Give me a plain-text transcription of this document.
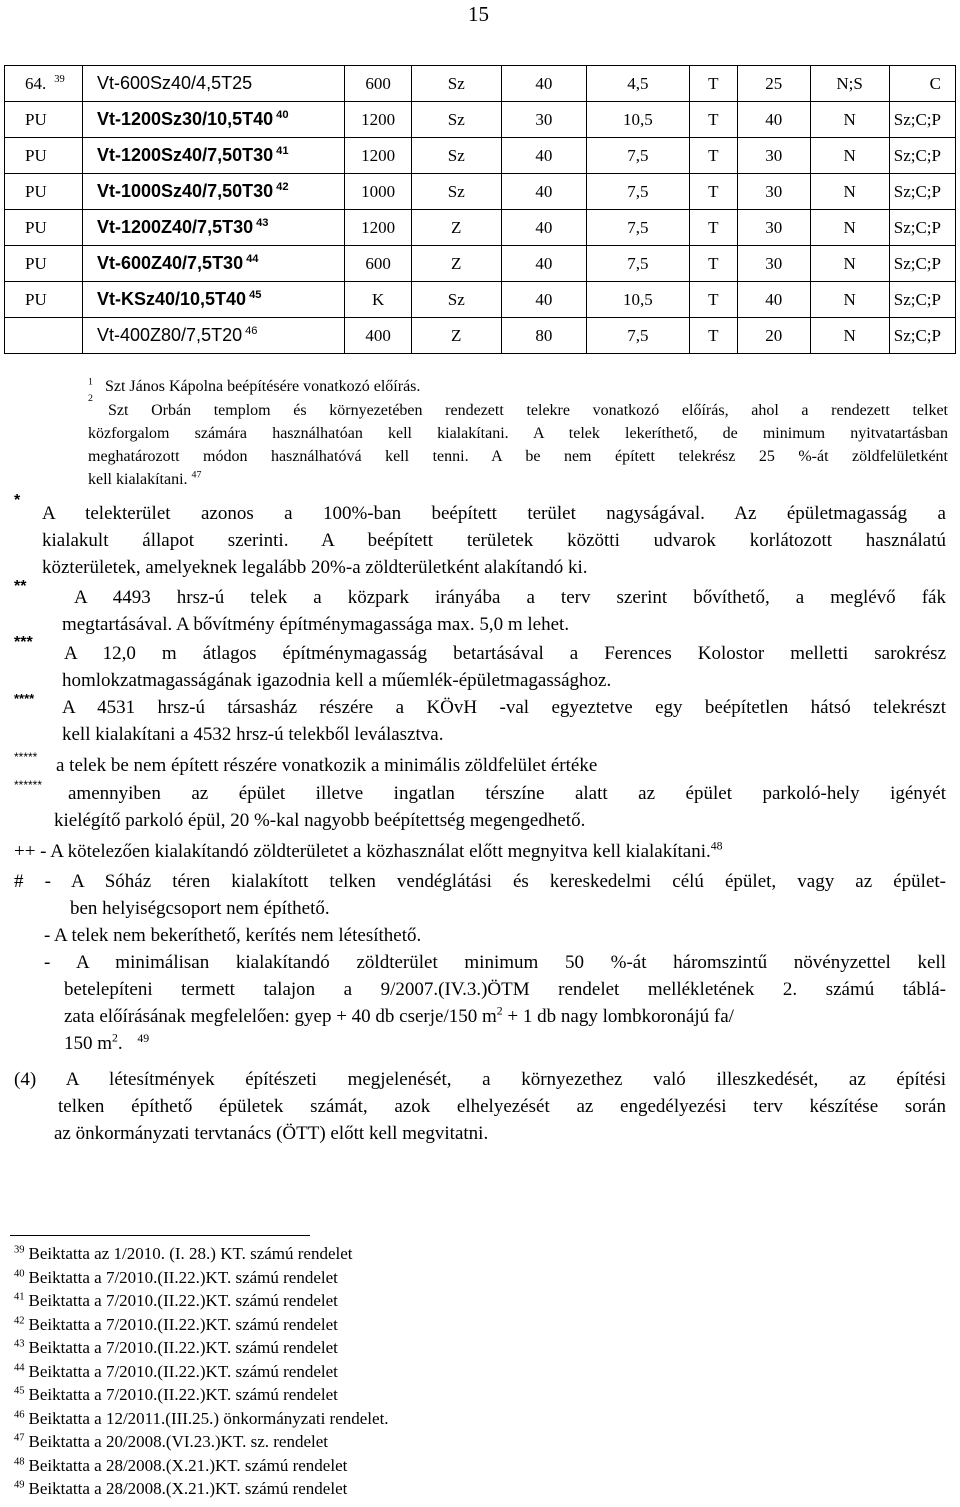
15
64. $^{39}$	Vt-600Sz40/4,5T25	600	Sz	40	4,5	T	25	N;S	C
PU	Vt-1200Sz30/10,5T40 $^{40}$	1200	Sz	30	10,5	T	40	N	Sz;C;P
PU	Vt-1200Sz40/7,50T30 $^{41}$	1200	Sz	40	7,5	T	30	N	Sz;C;P
PU	Vt-1000Sz40/7,50T30 $^{42}$	1000	Sz	40	7,5	T	30	N	Sz;C;P
PU	Vt-1200Z40/7,5T30 $^{43}$	1200	Z	40	7,5	T	30	N	Sz;C;P
PU	Vt-600Z40/7,5T30 $^{44}$	600	Z	40	7,5	T	30	N	Sz;C;P
PU	Vt-KSz40/10,5T40 $^{45}$	K	Sz	40	10,5	T	40	N	Sz;C;P
	Vt-400Z80/7,5T20 $^{46}$	400	Z	80	7,5	T	20	N	Sz;C;P
$^1$ Szt János Kápolna beépítésére vonatkozó előírás.
2
Szt Orbán templom és környezetében rendezett telekre vonatkozó előírás, ahol a rendezett telket
közforgalom számára használhatóan kell kialakítani. A telek lekeríthető, de minimum nyitvatartásban
meghatározott módon használhatóvá kell tenni. A be nem épített telekrész 25 %-át zöldfelületként
kell kialakítani. $^{47}$
*
A telekterület azonos a 100%-ban beépített terület nagyságával. Az épületmagasság a
kialakult állapot szerinti. A beépített területek közötti udvarok korlátozott használatú
közterületek, amelyeknek legalább 20%-a zöldterületként alakítandó ki.
**
A 4493 hrsz-ú telek a közpark irányába a terv szerint bővíthető, a meglévő fák
megtartásával. A bővítmény építménymagassága max. 5,0 m lehet.
***
A 12,0 m átlagos építménymagasság betartásával a Ferences Kolostor melletti sarokrész
homlokzatmagasságának igazodnia kell a műemlék-épületmagassághoz.
**** A 4531 hrsz-ú társasház részére a KÖvH -val egyeztetve egy beépítetlen hátsó telekrészt
kell kialakítani a 4532 hrsz-ú telekből leválasztva.
***** a telek be nem épített részére vonatkozik a minimális zöldfelület értéke
****** amennyiben az épület illetve ingatlan térszíne alatt az épület parkoló-hely igényét
kielégítő parkoló épül, 20 %-kal nagyobb beépítettség megengedhető.
++ - A kötelezően kialakítandó zöldterületet a közhasználat előtt megnyitva kell kialakítani.$^{48}$
# - A Sóház téren kialakított telken vendéglátási és kereskedelmi célú épület, vagy az épület-
ben helyiségcsoport nem építhető.
- A telek nem bekeríthető, kerítés nem létesíthető.
- A minimálisan kialakítandó zöldterület minimum 50 %-át háromszintű növényzettel kell
betelepíteni termett talajon a 9/2007.(IV.3.)ÖTM rendelet mellékletének 2. számú táblá-
zata előírásának megfelelően: gyep + 40 db cserje/150 $m^2 + 1$ db nagy lombkoronájú fa/
150 $m^2$. $^{49}$
(4) A létesítmények építészeti megjelenését, a környezethez való illeszkedését, az építési
telken építhető épületek számát, azok elhelyezését az engedélyezési terv készítése során
az önkormányzati tervtanács (ÖTT) előtt kell megvitatni.
$^{39}$ Beiktatta az 1/2010. (I. 28.) KT. számú rendelet
$^{40}$ Beiktatta a 7/2010.(II.22.)KT. számú rendelet
$^{41}$ Beiktatta a 7/2010.(II.22.)KT. számú rendelet
$^{42}$ Beiktatta a 7/2010.(II.22.)KT. számú rendelet
$^{43}$ Beiktatta a 7/2010.(II.22.)KT. számú rendelet
$^{44}$ Beiktatta a 7/2010.(II.22.)KT. számú rendelet
$^{45}$ Beiktatta a 7/2010.(II.22.)KT. számú rendelet
$^{46}$ Beiktatta a 12/2011.(III.25.) önkormányzati rendelet.
$^{47}$ Beiktatta a 20/2008.(VI.23.)KT. sz. rendelet
$^{48}$ Beiktatta a 28/2008.(X.21.)KT. számú rendelet
$^{49}$ Beiktatta a 28/2008.(X.21.)KT. számú rendelet
